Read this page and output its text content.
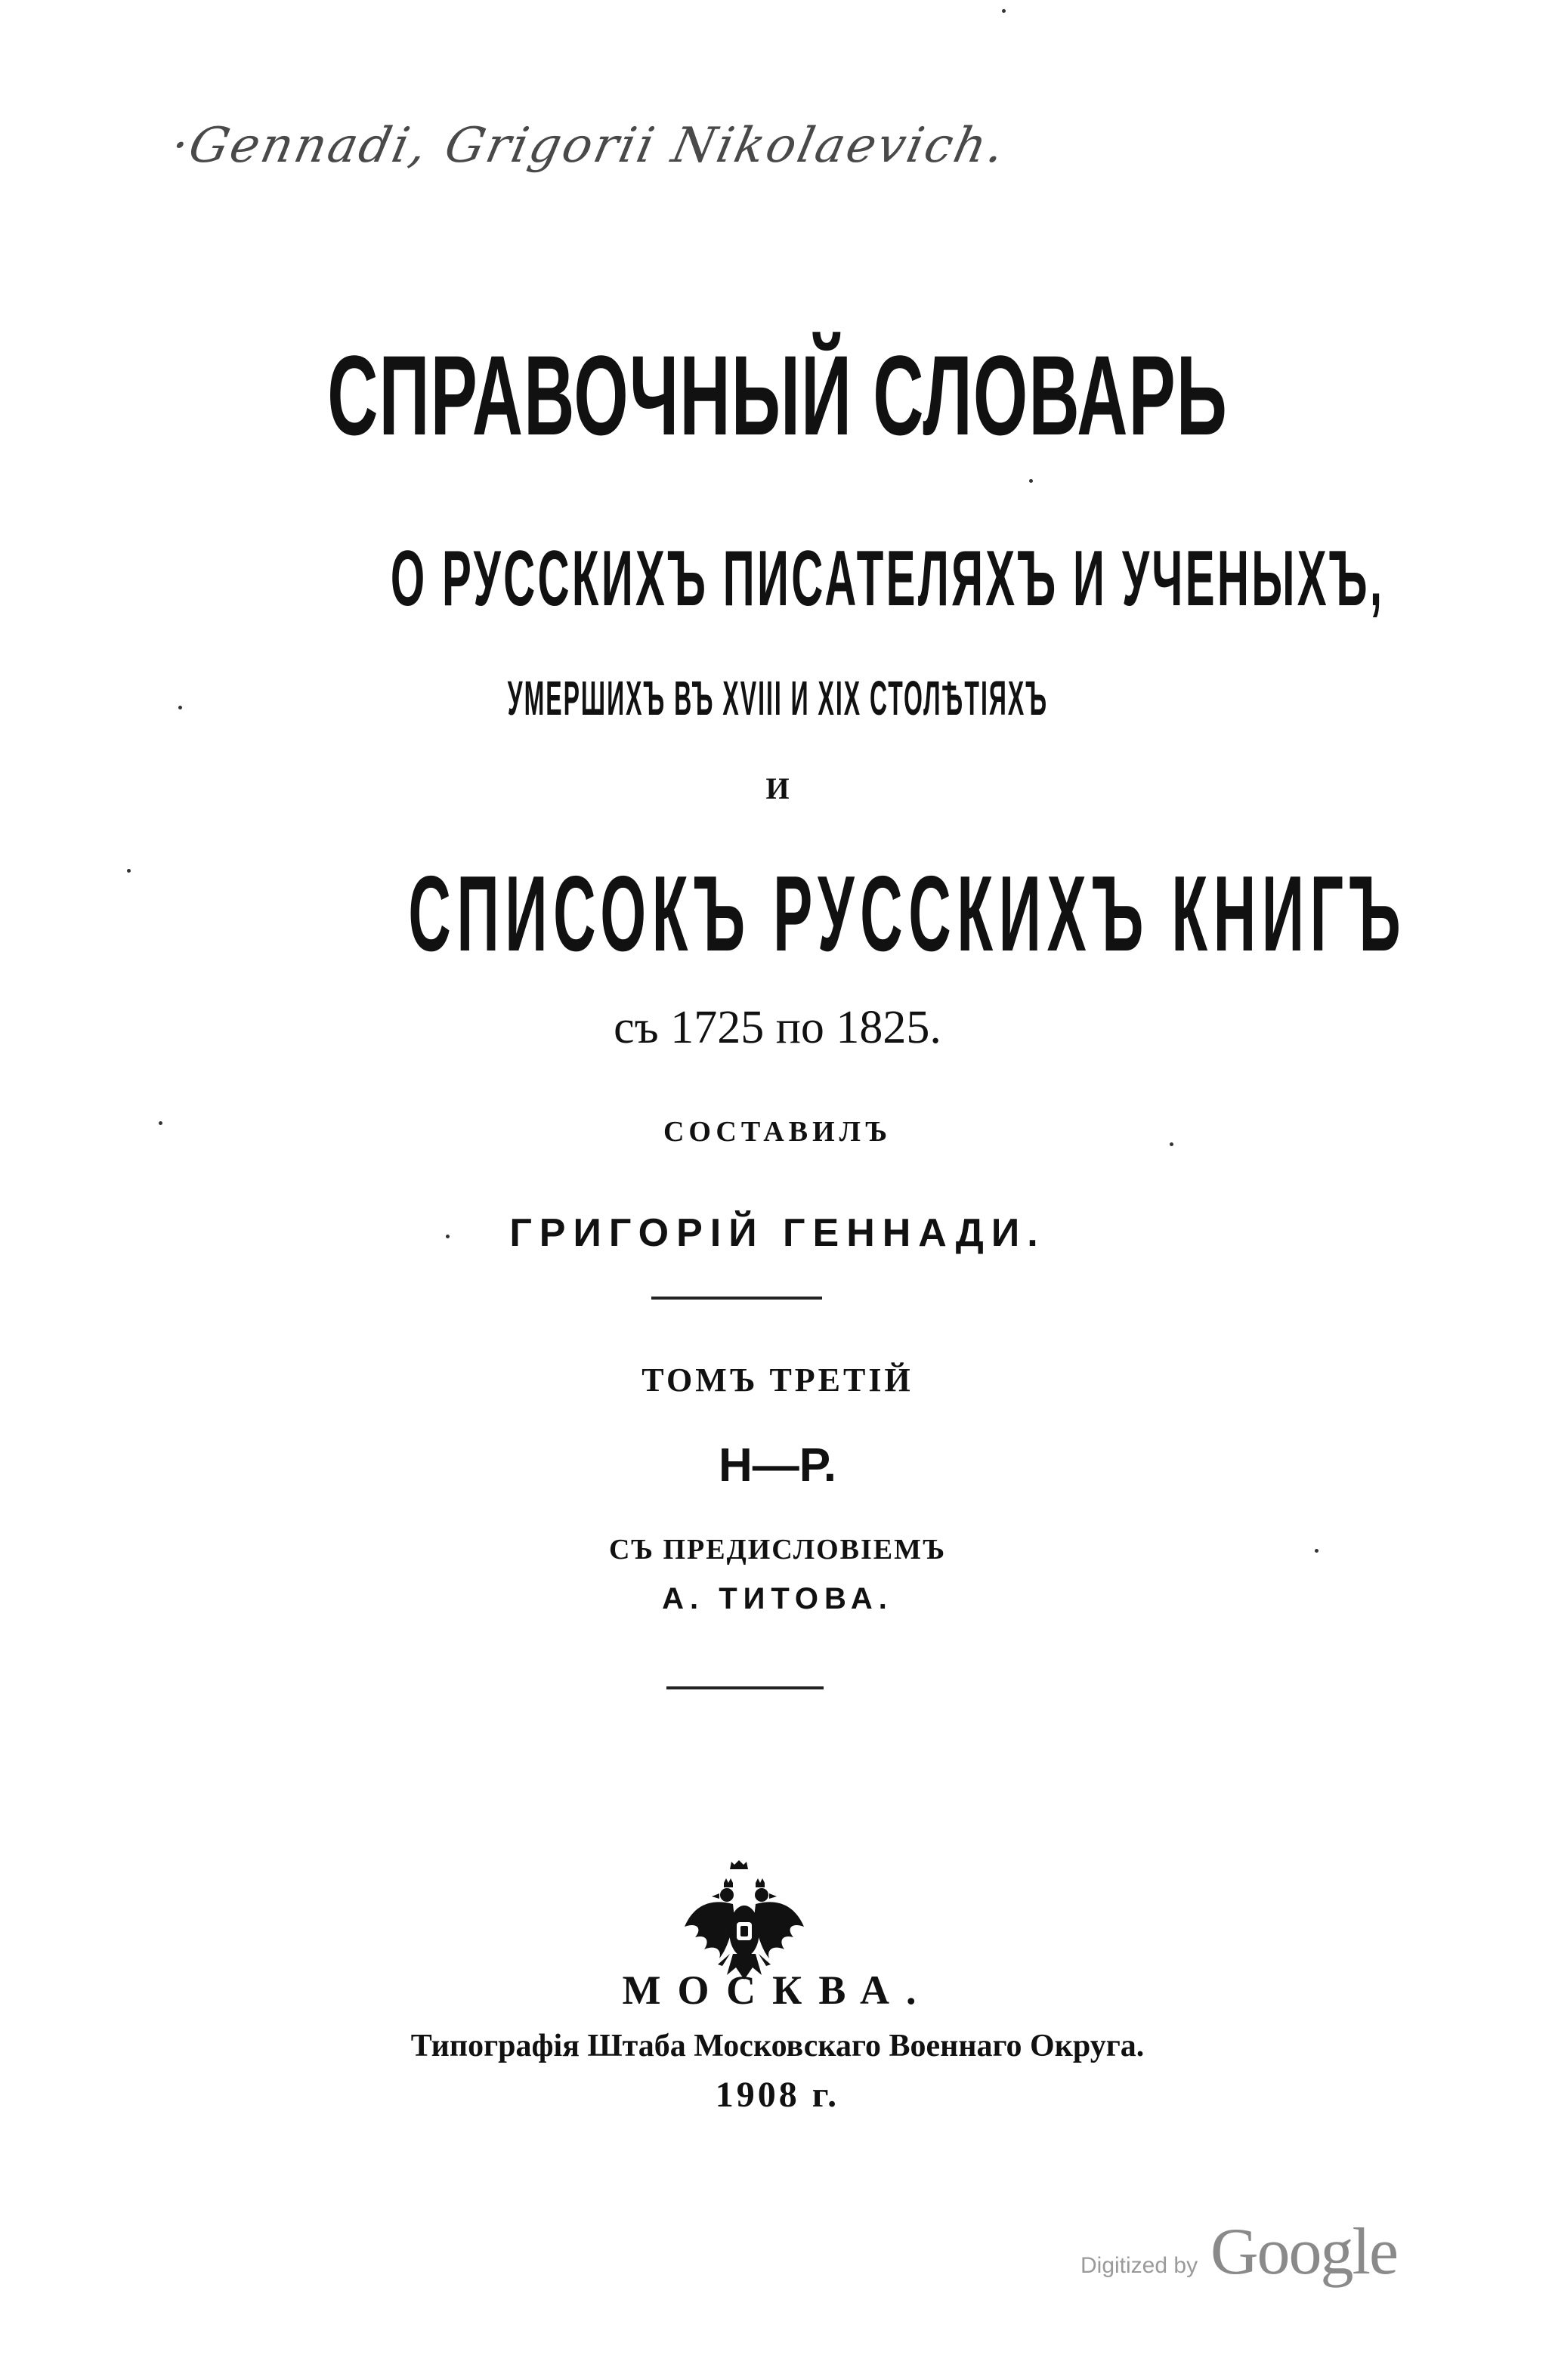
·Gennadi, Grigorii Nikolaevich.

СПРАВОЧНЫЙ СЛОВАРЬ

О РУССКИХЪ ПИСАТЕЛЯХЪ И УЧЕНЫХЪ,

УМЕРШИХЪ ВЪ XVIII И XIX СТОЛѢТІЯХЪ

И

СПИСОКЪ РУССКИХЪ КНИГЪ

съ 1725 по 1825.

СОСТАВИЛЪ

ГРИГОРІЙ ГЕННАДИ.

ТОМЪ ТРЕТІЙ

Н—Р.

СЪ ПРЕДИСЛОВІЕМЪ

А. ТИТОВА.

МОСКВА.

Типографія Штаба Московскаго Военнаго Округа.

1908 г.

Digitized by Google
